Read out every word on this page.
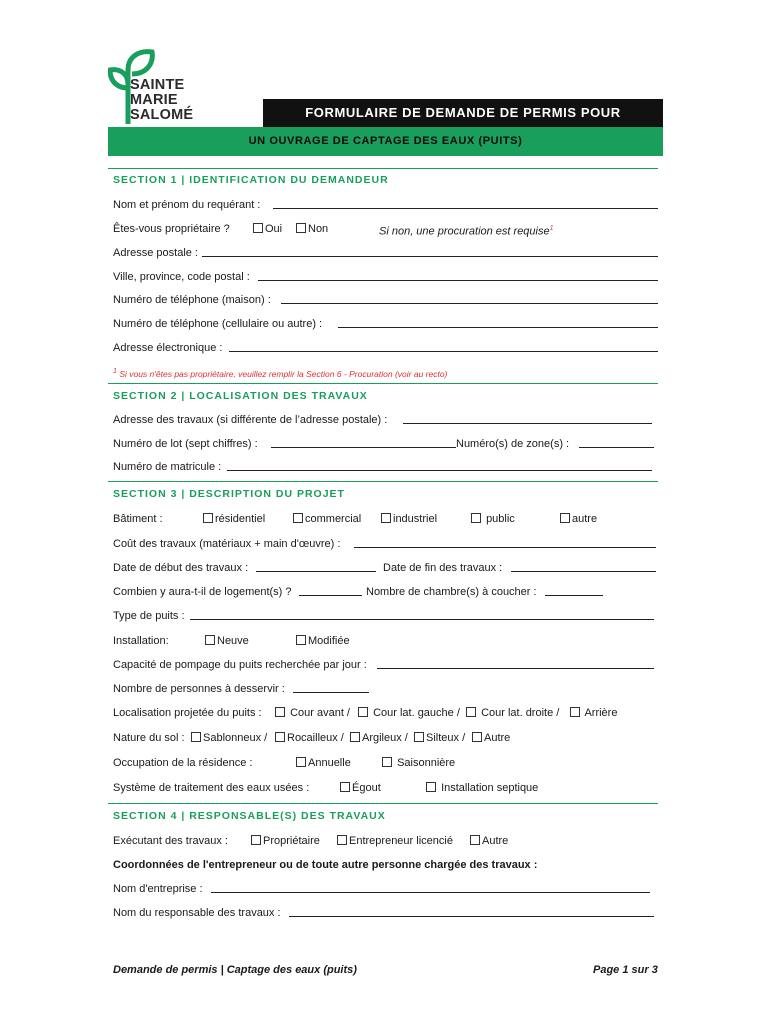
SAINTE
MARIE
SALOMÉ	FORMULAIRE DE DEMANDE DE PERMIS POUR
UN OUVRAGE DE CAPTAGE DES EAUX (PUITS)
SECTION 1 | IDENTIFICATION DU DEMANDEUR
Nom et prénom du requérant :
Êtes-vous propriétaire ?	Oui	Non	Si non, une procuration est requise$^1$
Adresse postale :
Ville, province, code postal :
Numéro de téléphone (maison) :
Numéro de téléphone (cellulaire ou autre) :
Adresse électronique :
$^1$ Si vous n'êtes pas propriétaire, veuillez remplir la Section 6 - Procuration (voir au recto)
SECTION 2 | LOCALISATION DES TRAVAUX
Adresse des travaux (si différente de l’adresse postale) :
Numéro de lot (sept chiffres) :	Numéro(s) de zone(s) :
Numéro de matricule :
SECTION 3 | DESCRIPTION DU PROJET
Bâtiment :	résidentiel	commercial	industriel	public	autre
Coût des travaux (matériaux + main d'œuvre) :
Date de début des travaux :	Date de fin des travaux :
Combien y aura-t-il de logement(s) ?	Nombre de chambre(s) à coucher :
Type de puits :
Installation:	Neuve	Modifiée
Capacité de pompage du puits recherchée par jour :
Nombre de personnes à desservir :
Localisation projetée du puits :	Cour avant /	Cour lat. gauche /	Cour lat. droite /	Arrière
Nature du sol :	Sablonneux /	Rocailleux /	Argileux /	Silteux /	Autre
Occupation de la résidence :	Annuelle	Saisonnière
Système de traitement des eaux usées :	Égout	Installation septique
SECTION 4 | RESPONSABLE(S) DES TRAVAUX
Exécutant des travaux :	Propriétaire	Entrepreneur licencié	Autre
Coordonnées de l'entrepreneur ou de toute autre personne chargée des travaux :
Nom d'entreprise :
Nom du responsable des travaux :
Demande de permis | Captage des eaux (puits)	Page 1 sur 3
